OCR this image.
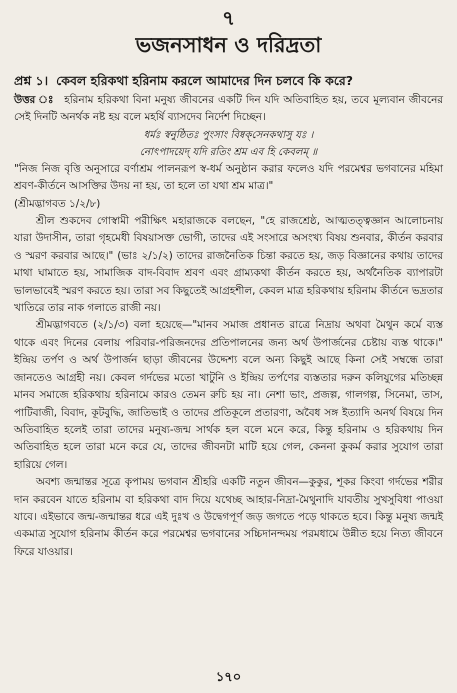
৭
ভজনসাধন ও দরিদ্রতা
প্রশ্ন ১। কেবল হরিকথা হরিনাম করলে আমাদের দিন চলবে কি করে?

উত্তর ঃ হরিনাম হরিকথা বিনা মনুষ্য জীবনের একটি দিন যদি অতিবাহিত হয়, তবে মূল্যবান জীবনের সেই দিনটি অনর্থক নষ্ট হয় বলে মহর্ষি ব্যাসদেব নির্দেশ দিচ্ছেন।

ধর্মঃ স্বনুষ্ঠিতঃ পুংসাং বিষ্বক্‌সেনকথাসু যঃ ।
নোৎপাদয়েদ্‌ যদি রতিং শ্রম এব হি কেবলম্‌ ॥

"নিজ নিজ বৃত্তি অনুসারে বর্ণাশ্রম পালনরূপ স্ব-ধর্ম অনুষ্ঠান করার ফলেও যদি পরমেশ্বর ভগবানের মহিমা শ্রবণ-কীর্তনে আসক্তির উদয় না হয়, তা হলে তা যথা শ্রম মাত্র।"

(শ্রীমদ্ভাগবত ১/২/৮)

শ্রীল শুকদেব গোস্বামী পরীক্ষিৎ মহারাজকে বলছেন, "হে রাজশ্রেষ্ঠ, আত্মতত্ত্বজ্ঞান আলোচনায় যারা উদাসীন, তারা গৃহমেধী বিষয়াসক্ত ভোগী, তাদের এই সংসারে অসংখ্য বিষয় শুনবার, কীর্তন করবার ও স্মরণ করবার আছে।" (ভাঃ ২/১/২) তাদের রাজনৈতিক চিন্তা করতে হয়, জড় বিজ্ঞানের কথায় তাদের মাথা ঘামাতে হয়, সামাজিক বাদ-বিবাদ শ্রবণ এবং গ্রাম্যকথা কীর্তন করতে হয়, অর্থনৈতিক ব্যাপারটা ভালভাবেই স্মরণ করতে হয়। তারা সব কিছুতেই আগ্রহশীল, কেবল মাত্র হরিকথায় হরিনাম কীর্তনে ভদ্রতার খাতিরে তার নাক গলাতে রাজী নয়।

শ্রীমদ্ভাগবতে (২/১/৩) বলা হয়েছে—"মানব সমাজ প্রধানত রাত্রে নিদ্রায় অথবা মৈথুন কর্মে ব্যস্ত থাকে এবং দিনের বেলায় পরিবার-পরিজনদের প্রতিপালনের জন্য অর্থ উপার্জনের চেষ্টায় ব্যস্ত থাকে।" ইন্দ্রিয় তর্পণ ও অর্থ উপার্জন ছাড়া জীবনের উদ্দেশ্য বলে অন্য কিছুই আছে কিনা সেই সম্বন্ধে তারা জানতেও আগ্রহী নয়। কেবল গর্দভের মতো খাটুনি ও ইন্দ্রিয় তর্পণের ব্যস্ততার দরুন কলিযুগের মতিচ্ছন্ন মানব সমাজে হরিকথায় হরিনামে কারও তেমন রুচি হয় না। নেশা ভাং, প্রজল্প, গালগল্প, সিনেমা, তাস, পাটিবাজী, বিবাদ, কূটবুদ্ধি, জাতিভাই ও তাদের প্রতিকূলে প্রতারণা, অবৈধ সঙ্গ ইত্যাদি অনর্থ বিষয়ে দিন অতিবাহিত হলেই তারা তাদের মনুষ্য-জন্ম সার্থক হল বলে মনে করে, কিন্তু হরিনাম ও হরিকথায় দিন অতিবাহিত হলে তারা মনে করে যে, তাদের জীবনটা মাটি হয়ে গেল, কেননা কুকর্ম করার সুযোগ তারা হারিয়ে গেল।

অবশ্য জন্মান্তর সূত্রে কৃপাময় ভগবান শ্রীহরি একটি নতুন জীবন—কুকুর, শূকর কিংবা গর্দভের শরীর দান করবেন যাতে হরিনাম বা হরিকথা বাদ দিয়ে যথেচ্ছ আহার-নিদ্রা-মৈথুনাদি যাবতীয় সুখসুবিধা পাওয়া যাবে। এইভাবে জন্ম-জন্মান্তর ধরে এই দুঃখ ও উদ্বেগপূর্ণ জড় জগতে পড়ে থাকতে হবে। কিন্তু মনুষ্য জন্মই একমাত্র সুযোগ হরিনাম কীর্তন করে পরমেশ্বর ভগবানের সচ্চিদানন্দময় পরমধামে উন্নীত হয়ে নিত্য জীবনে ফিরে যাওয়ার।

১৭০
